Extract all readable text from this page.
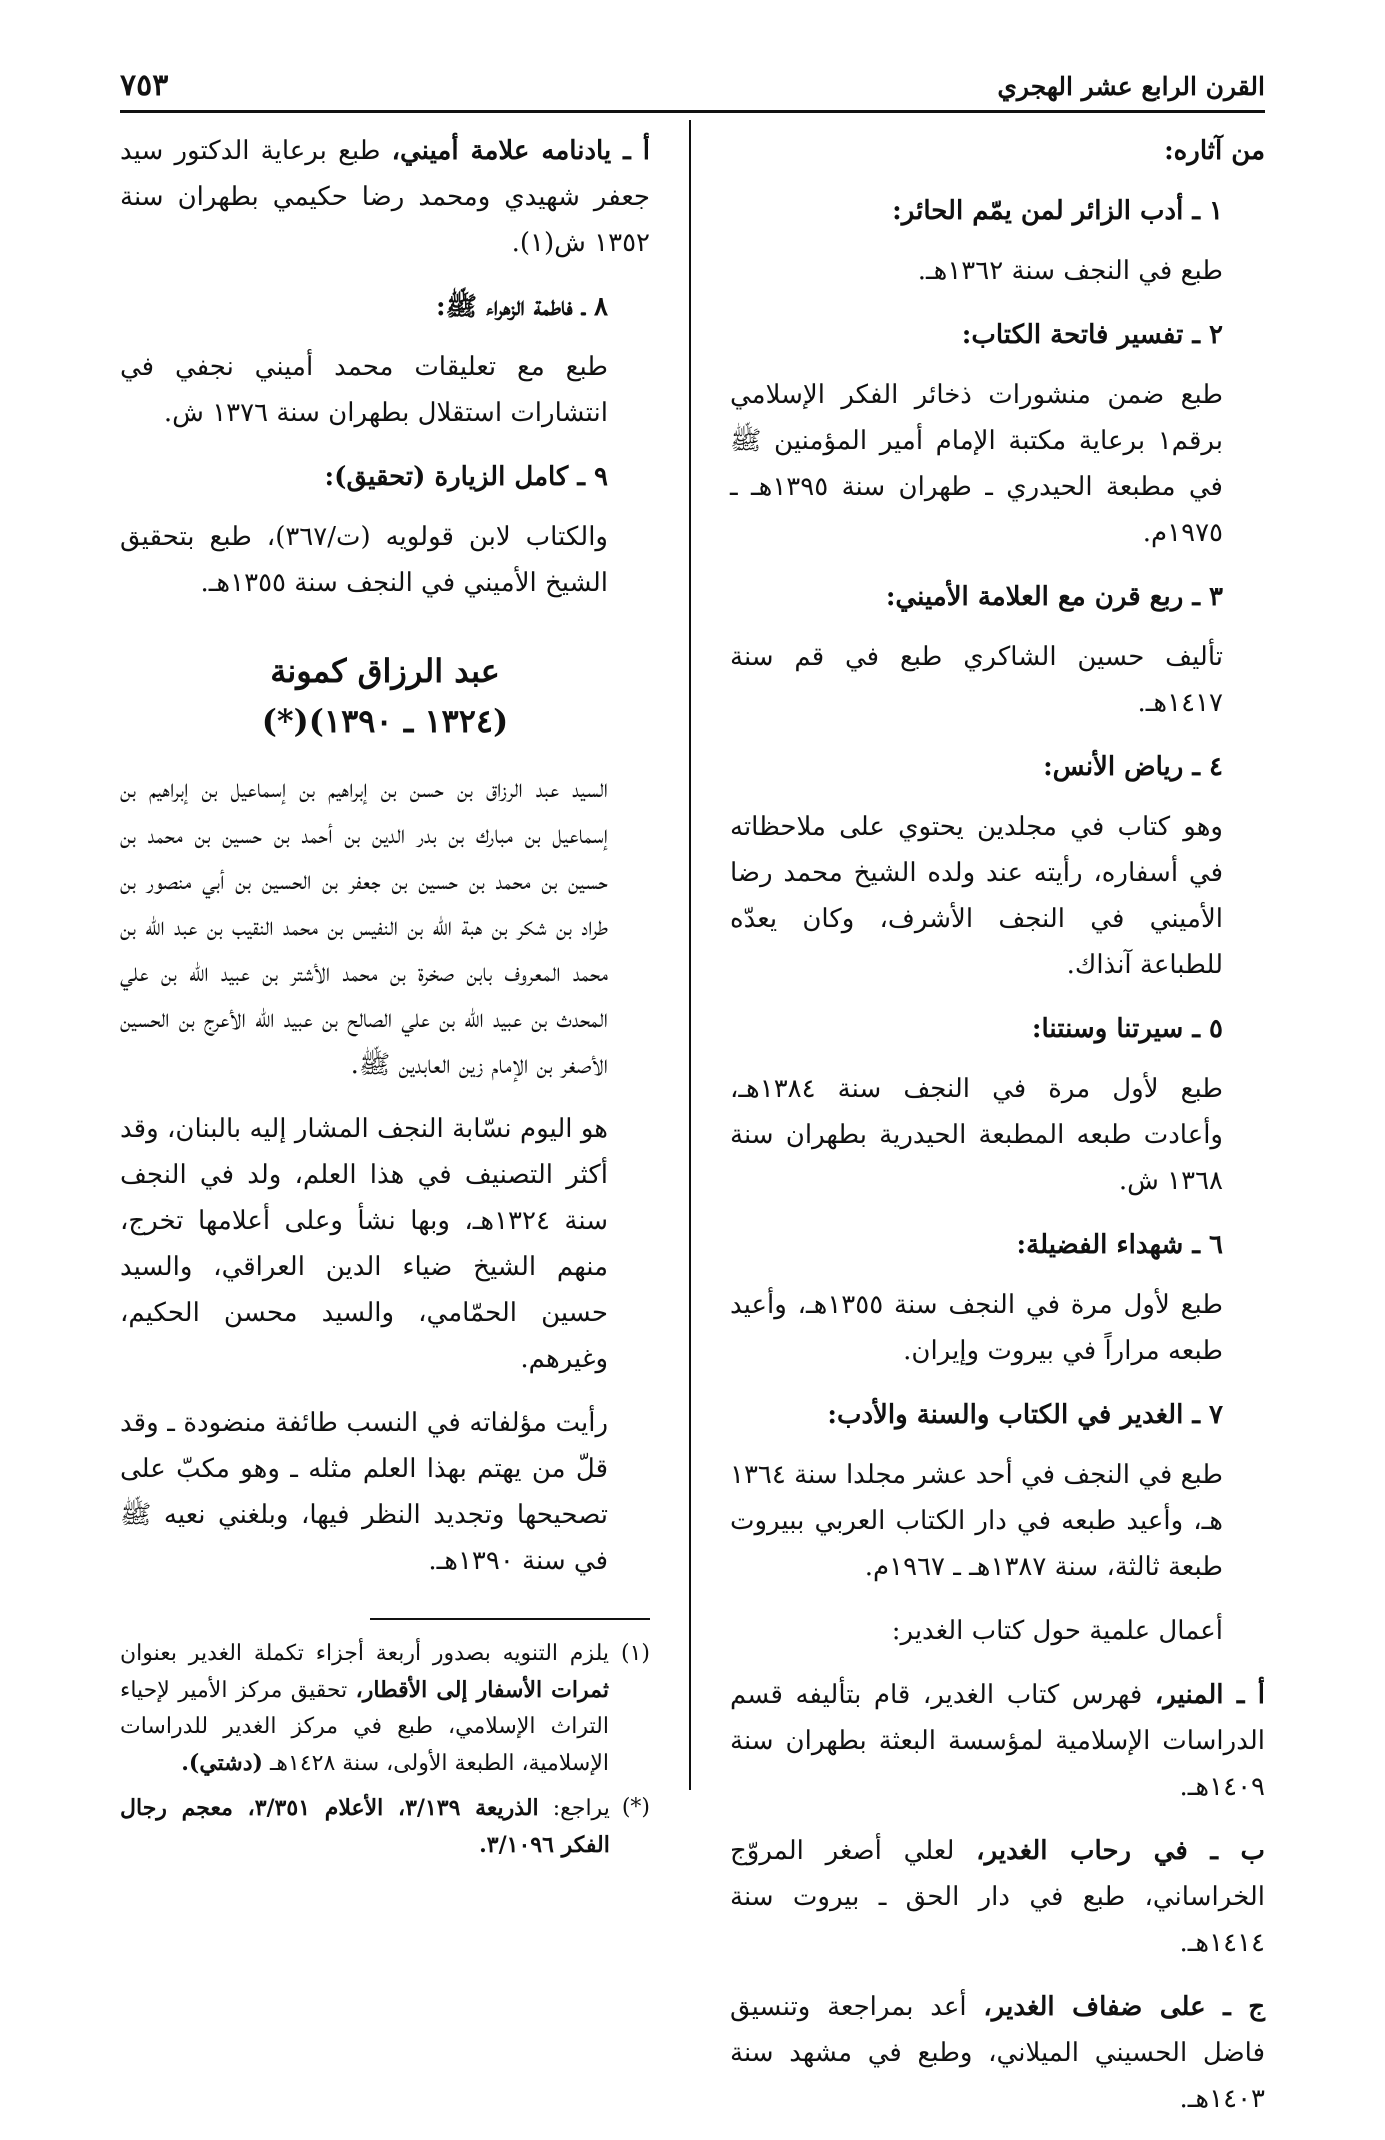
القرن الرابع عشر الهجري
٧٥٣
من آثاره:
١ ـ أدب الزائر لمن يمّم الحائر:

طبع في النجف سنة ١٣٦٢هـ.

٢ ـ تفسير فاتحة الكتاب:

طبع ضمن منشورات ذخائر الفكر الإسلامي برقم١ برعاية مكتبة الإمام أمير المؤمنين ﷺ في مطبعة الحيدري ـ طهران سنة ١٣٩٥هـ ـ ١٩٧٥م.

٣ ـ ربع قرن مع العلامة الأميني:

تأليف حسين الشاكري طبع في قم سنة ١٤١٧هـ.

٤ ـ رياض الأنس:

وهو كتاب في مجلدين يحتوي على ملاحظاته في أسفاره، رأيته عند ولده الشيخ محمد رضا الأميني في النجف الأشرف، وكان يعدّه للطباعة آنذاك.

٥ ـ سيرتنا وسنتنا:

طبع لأول مرة في النجف سنة ١٣٨٤هـ، وأعادت طبعه المطبعة الحيدرية بطهران سنة ١٣٦٨ ش.

٦ ـ شهداء الفضيلة:

طبع لأول مرة في النجف سنة ١٣٥٥هـ، وأعيد طبعه مراراً في بيروت وإيران.

٧ ـ الغدير في الكتاب والسنة والأدب:

طبع في النجف في أحد عشر مجلدا سنة ١٣٦٤ هـ، وأعيد طبعه في دار الكتاب العربي ببيروت طبعة ثالثة، سنة ١٣٨٧هـ ـ ١٩٦٧م.

أعمال علمية حول كتاب الغدير:

أ ـ المنير، فهرس كتاب الغدير، قام بتأليفه قسم الدراسات الإسلامية لمؤسسة البعثة بطهران سنة ١٤٠٩هـ.

ب ـ في رحاب الغدير، لعلي أصغر المروّج الخراساني، طبع في دار الحق ـ بيروت سنة ١٤١٤هـ.

ج ـ على ضفاف الغدير، أعد بمراجعة وتنسيق فاضل الحسيني الميلاني، وطبع في مشهد سنة ١٤٠٣هـ.

أ ـ يادنامه علامة أميني، طبع برعاية الدكتور سيد جعفر شهيدي ومحمد رضا حكيمي بطهران سنة ١٣٥٢ ش(١).

٨ ـ فاطمة الزهراء ﷺ:

طبع مع تعليقات محمد أميني نجفي في انتشارات استقلال بطهران سنة ١٣٧٦ ش.

٩ ـ كامل الزيارة (تحقيق):

والكتاب لابن قولويه (ت/٣٦٧)، طبع بتحقيق الشيخ الأميني في النجف سنة ١٣٥٥هـ.

عبد الرزاق كمونة
(١٣٢٤ ـ ١٣٩٠)(*)

السيد عبد الرزاق بن حسن بن إبراهيم بن إسماعيل بن إبراهيم بن إسماعيل بن مبارك بن بدر الدين بن أحمد بن حسين بن محمد بن حسين بن محمد بن حسين بن جعفر بن الحسين بن أبي منصور بن طراد بن شكر بن هبة الله بن النفيس بن محمد النقيب بن عبد الله بن محمد المعروف بابن صخرة بن محمد الأشتر بن عبيد الله بن علي المحدث بن عبيد الله بن علي الصالح بن عبيد الله الأعرج بن الحسين الأصغر بن الإمام زين العابدين ﷺ.

هو اليوم نسّابة النجف المشار إليه بالبنان، وقد أكثر التصنيف في هذا العلم، ولد في النجف سنة ١٣٢٤هـ، وبها نشأ وعلى أعلامها تخرج، منهم الشيخ ضياء الدين العراقي، والسيد حسين الحمّامي، والسيد محسن الحكيم، وغيرهم.

رأيت مؤلفاته في النسب طائفة منضودة ـ وقد قلّ من يهتم بهذا العلم مثله ـ وهو مكبّ على تصحيحها وتجديد النظر فيها، وبلغني نعيه ﷺ في سنة ١٣٩٠هـ.

(١)
يلزم التنويه بصدور أربعة أجزاء تكملة الغدير بعنوان ثمرات الأسفار إلى الأقطار، تحقيق مركز الأمير لإحياء التراث الإسلامي، طبع في مركز الغدير للدراسات الإسلامية، الطبعة الأولى، سنة ١٤٢٨هـ (دشتي).
(*)
يراجع: الذريعة ٣/١٣٩، الأعلام ٣/٣٥١، معجم رجال الفكر ٣/١٠٩٦.
